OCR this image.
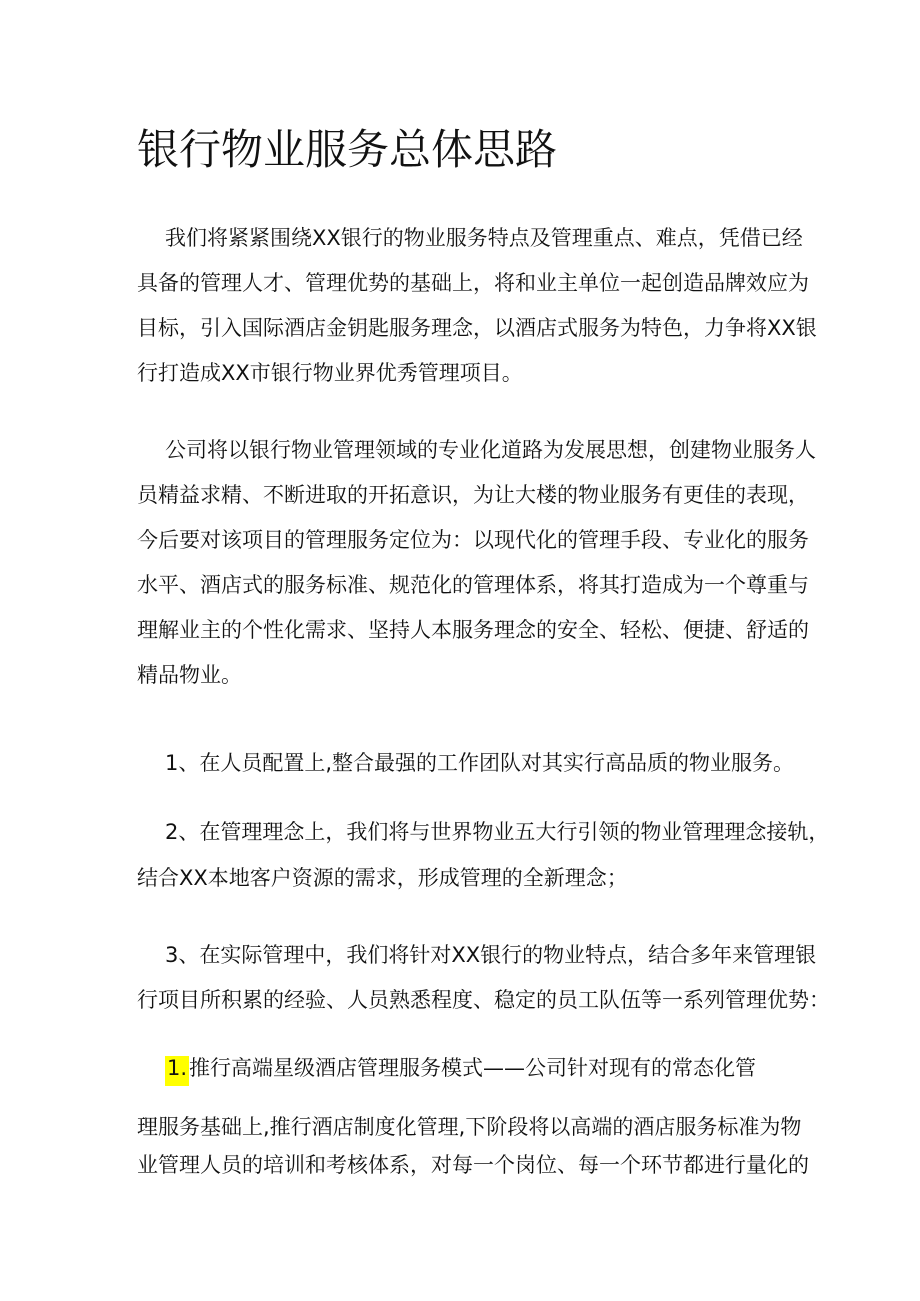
银行物业服务总体思路

我们将紧紧围绕XX银行的物业服务特点及管理重点、难点，凭借已经

具备的管理人才、管理优势的基础上，将和业主单位一起创造品牌效应为

目标，引入国际酒店金钥匙服务理念，以酒店式服务为特色，力争将XX银

行打造成XX市银行物业界优秀管理项目。

公司将以银行物业管理领域的专业化道路为发展思想，创建物业服务人

员精益求精、不断进取的开拓意识，为让大楼的物业服务有更佳的表现，

今后要对该项目的管理服务定位为：以现代化的管理手段、专业化的服务

水平、酒店式的服务标准、规范化的管理体系，将其打造成为一个尊重与

理解业主的个性化需求、坚持人本服务理念的安全、轻松、便捷、舒适的

精品物业。

1、在人员配置上,整合最强的工作团队对其实行高品质的物业服务。

2、在管理理念上，我们将与世界物业五大行引领的物业管理理念接轨，

结合XX本地客户资源的需求，形成管理的全新理念；

3、在实际管理中，我们将针对XX银行的物业特点，结合多年来管理银

行项目所积累的经验、人员熟悉程度、稳定的员工队伍等一系列管理优势：

1.推行高端星级酒店管理服务模式——公司针对现有的常态化管

理服务基础上,推行酒店制度化管理,下阶段将以高端的酒店服务标准为物

业管理人员的培训和考核体系，对每一个岗位、每一个环节都进行量化的
